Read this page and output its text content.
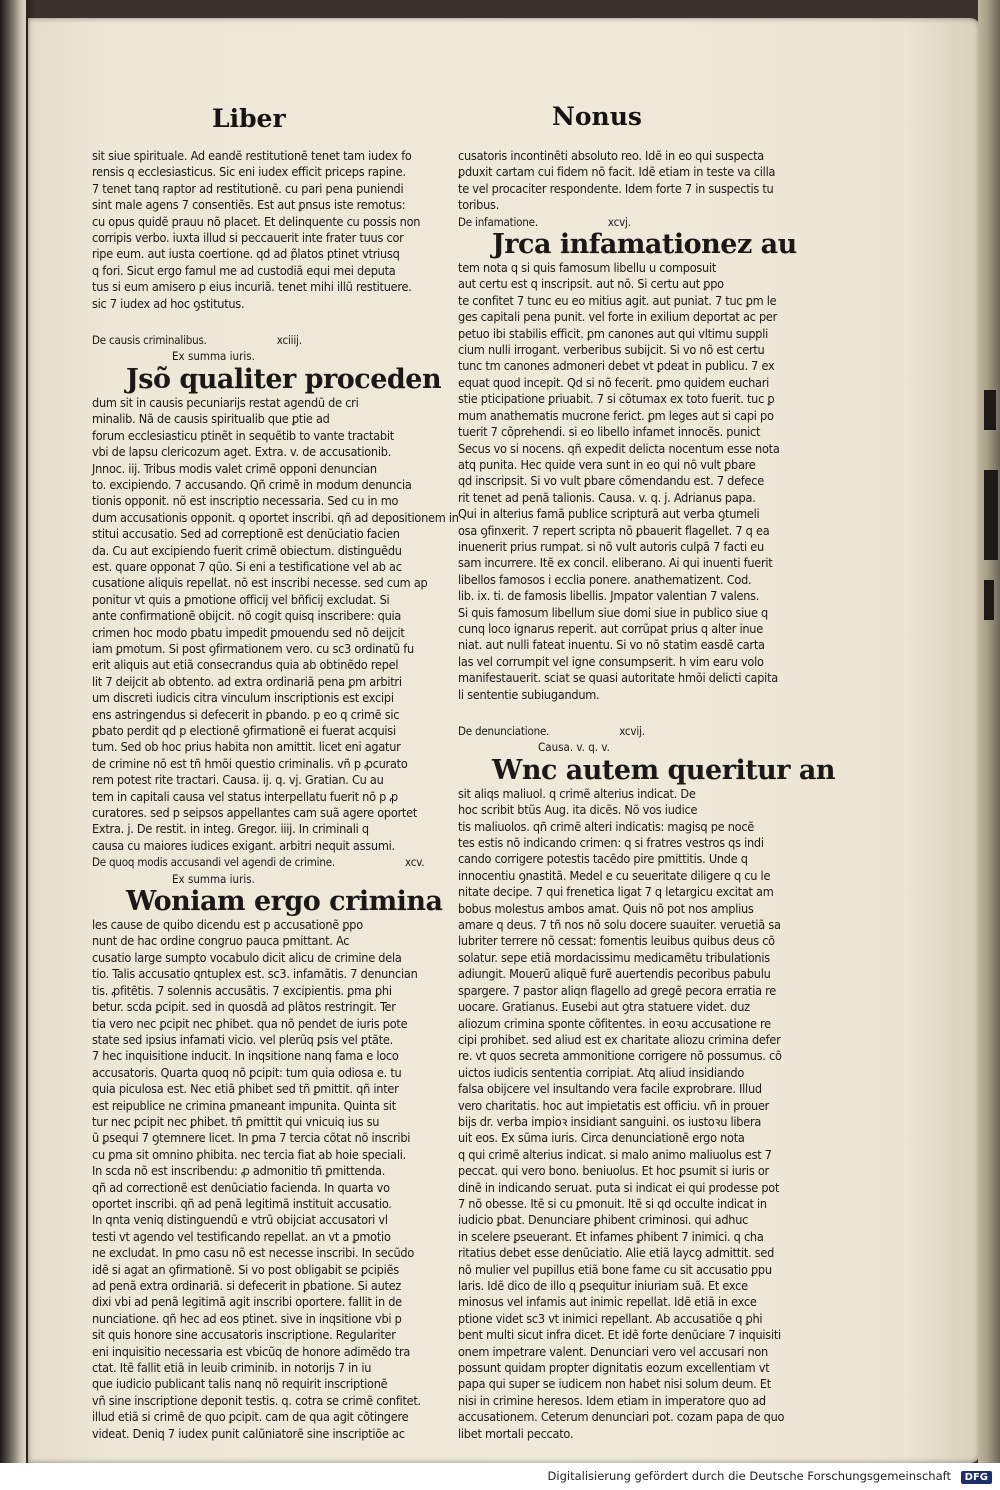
Liber	Nonus
sit siue spirituale. Ad eandẽ restitutionẽ tenet tam iudex fo
rensis q ecclesiasticus. Sic eni iudex efficit priceps rapine.
7 tenet tanq raptor ad restitutionẽ. cu pari pena puniendi
sint male agens 7 consentiẽs. Est aut ꝑnsus iste remotus:
cu opus quidẽ prauu nõ placet. Et delinquente cu possis non
corripis verbo. iuxta illud si peccauerit inte frater tuus cor
ripe eum. aut iusta coertione. qd ad p̃latos ptinet vtriusq
q fori. Sicut ergo famul me ad custodiã equi mei deputa
tus si eum amisero p eius incuriã. tenet mihi illũ restituere.
sic 7 iudex ad hoc ꝯstitutus.
De causis criminalibus.	xciiij.
Ex summa iuris.
Jsõ qualiter proceden
dum sit in causis pecuniarijs restat agendũ de cri
minalib. Nã de causis spiritualib que ꝑtie ad
forum ecclesiasticu ptinẽt in sequẽtib to vante tractabit
vbi de lapsu clericozum aget. Extra. v. de accusationib.
Jnnoc. iij. Tribus modis valet crimẽ opponi denuncian
to. excipiendo. 7 accusando. Qñ crimẽ in modum denuncia
tionis opponit. nõ est inscriptio necessaria. Sed cu in mo
dum accusationis opponit. q oportet inscribi. qñ ad depositionem in
stitui accusatio. Sed ad correptionẽ est denũciatio facien
da. Cu aut excipiendo fuerit crimẽ obiectum. distinguẽdu
est. quare opponat 7 qũo. Si eni a testificatione vel ab ac
cusatione aliquis repellat. nõ est inscribi necesse. sed cum ap
ponitur vt quis a ꝑmotione officij vel bñficij excludat. Si
ante confirmationẽ obijcit. nõ cogit quisq inscribere: quia
crimen hoc modo ꝑbatu impedit ꝑmouendu sed nõ deijcit
iam ꝑmotum. Si post ꝯfirmationem vero. cu sc3 ordinatũ fu
erit aliquis aut etiã consecrandus quia ab obtinẽdo repel
lit 7 deijcit ab obtento. ad extra ordinariã pena ꝑm arbitri
um discreti iudicis citra vinculum inscriptionis est excipi
ens astringendus si defecerit in ꝑbando. p eo q crimẽ sic
ꝑbato perdit qd p electionẽ ꝯfirmationẽ ei fuerat acquisi
tum. Sed ob hoc prius habita non amittit. licet eni agatur
de crimine nõ est tñ hmõi questio criminalis. vñ p ꝓcurato
rem potest rite tractari. Causa. ij. q. vj. Gratian. Cu au
tem in capitali causa vel status interpellatu fuerit nõ p ꝓ
curatores. sed p seipsos appellantes cam suã agere oportet
Extra. j. De restit. in integ. Gregor. iiij. In criminali q
causa cu maiores iudices exigant. arbitri nequit assumi.
De quoq modis accusandi vel agendi de crimine.	xcv.
Ex summa iuris.
Woniam ergo crimina
les cause de quibo dicendu est p accusationẽ ꝑpo
nunt de hac ordine congruo pauca pmittant. Ac
cusatio large sumpto vocabulo dicit alicu de crimine dela
tio. Talis accusatio qntuplex est. sc3. infamãtis. 7 denuncian
tis. ꝓfitẽtis. 7 solennis accusãtis. 7 excipientis. ꝑma ꝑhi
betur. scda ꝑcipit. sed in quosdã ad plãtos restringit. Ter
tia vero nec ꝑcipit nec ꝑhibet. qua nõ pendet de iuris pote
state sed ipsius infamati vicio. vel plerũq ꝑsis vel ꝑtãte.
7 hec inquisitione inducit. In inqsitione nanq fama e loco
accusatoris. Quarta quoq nõ ꝑcipit: tum quia odiosa e. tu
quia piculosa est. Nec etiã ꝑhibet sed tñ ꝑmittit. qñ inter
est reipublice ne crimina ꝑmaneant impunita. Quinta sit
tur nec ꝑcipit nec ꝑhibet. tñ ꝑmittit qui vnicuiq ius su
ũ ꝑsequi 7 ꝯtemnere licet. In ꝑma 7 tercia cõtat nõ inscribi
cu ꝑma sit omnino ꝑhibita. nec tercia fiat ab hoie speciali.
In scda nõ est inscribendu: ꝓ admonitio tñ ꝑmittenda.
qñ ad correctionẽ est denũciatio facienda. In quarta vo
oportet inscribi. qñ ad penã legitimã instituit accusatio.
In qnta veniq distinguendũ e vtrũ obijciat accusatori vl
testi vt agendo vel testificando repellat. an vt a ꝑmotio
ne excludat. In ꝑmo casu nõ est necesse inscribi. In secũdo
idẽ si agat an ꝯfirmationẽ. Si vo post obligabit se ꝑcipiẽs
ad penã extra ordinariã. si defecerit in ꝑbatione. Si autez
dixi vbi ad penã legitimã agit inscribi oportere. fallit in de
nunciatione. qñ hec ad eos ptinet. sive in inqsitione vbi p
sit quis honore sine accusatoris inscriptione. Regulariter
eni inquisitio necessaria est vbicũq de honore adimẽdo tra
ctat. Itẽ fallit etiã in leuib criminib. in notorijs 7 in iu
que iudicio publicant talis nanq nõ requirit inscriptionẽ
vñ sine inscriptione deponit testis. q. cotra se crimẽ confitet.
illud etiã si crimẽ de quo ꝑcipit. cam de qua agit cõtingere
videat. Deniq 7 iudex punit calũniatorẽ sine inscriptiõe ac
cusatoris incontinẽti absoluto reo. Idẽ in eo qui suspecta
ꝑduxit cartam cui fidem nõ facit. Idẽ etiam in teste va cilla
te vel procaciter respondente. Idem forte 7 in suspectis tu
toribus.
De infamatione.	xcvj.
Jrca infamationez au
tem nota q si quis famosum libellu u composuit
aut certu est q inscripsit. aut nõ. Si certu aut ꝑpo
te confitet 7 tunc eu eo mitius agit. aut puniat. 7 tuc ꝑm le
ges capitali pena punit. vel forte in exilium deportat ac per
petuo ibi stabilis efficit. ꝑm canones aut qui vltimu suppli
cium nulli irrogant. verberibus subijcit. Si vo nõ est certu
tunc tm canones admoneri debet vt ꝑdeat in publicu. 7 ex
equat quod incepit. Qd si nõ fecerit. ꝑmo quidem euchari
stie pticipatione ꝑriuabit. 7 si cõtumax ex toto fuerit. tuc ꝑ
mum anathematis mucrone ferict. ꝑm leges aut si capi po
tuerit 7 cõprehendi. si eo libello infamet innocẽs. punict
Secus vo si nocens. qñ expedit delicta nocentum esse nota
atq punita. Hec quide vera sunt in eo qui nõ vult ꝑbare
qd inscripsit. Si vo vult ꝑbare cõmendandu est. 7 defece
rit tenet ad penã talionis. Causa. v. q. j. Adrianus papa.
Qui in alterius famã publice scripturã aut verba ꝯtumeli
osa ꝯfinxerit. 7 repert scripta nõ ꝑbauerit flagellet. 7 q ea
inuenerit prius rumpat. si nõ vult autoris culpã 7 facti eu
sam incurrere. Itẽ ex concil. eliberano. Ai qui inuenti fuerit
libellos famosos i ecclia ponere. anathematizent. Cod.
lib. ix. ti. de famosis libellis. Jmpator valentian 7 valens.
Si quis famosum libellum siue domi siue in publico siue q
cunq loco ignarus reperit. aut corrũpat ꝑrius q alter inue
niat. aut nulli fateat inuentu. Si vo nõ statim easdẽ carta
las vel corrumpit vel igne consumpserit. h vim earu volo
manifestauerit. sciat se quasi autoritate hmõi delicti capita
li sententie subiugandum.
De denunciatione.	xcvij.
Causa. v. q. v.
Wnc autem queritur an
sit aliqs maliuol. q crimẽ alterius indicat. De
hoc scribit btũs Aug. ita dicẽs. Nõ vos iudice
tis maliuolos. qñ crimẽ alteri indicatis: magisq pe nocẽ
tes estis nõ indicando crimen: q si fratres vestros qs indi
cando corrigere potestis tacẽdo pire pmittitis. Unde q
innocentiu ꝯnastitã. Medel e cu seueritate diligere q cu le
nitate decipe. 7 qui frenetica ligat 7 q letargicu excitat am
bobus molestus ambos amat. Quis nõ pot nos amplius
amare q deus. 7 tñ nos nõ solu docere suauiter. veruetiã sa
lubriter terrere nõ cessat: fomentis leuibus quibus deus cõ
solatur. sepe etiã mordacissimu medicamẽtu tribulationis
adiungit. Mouerũ aliquẽ furẽ auertendis pecoribus pabulu
spargere. 7 pastor aliqn flagello ad gregẽ pecora erratia re
uocare. Gratianus. Eusebi aut ꝯtra statuere videt. duz
aliozum crimina sponte cõfitentes. in eoꝛu accusatione re
cipi prohibet. sed aliud est ex charitate aliozu crimina defer
re. vt quos secreta ammonitione corrigere nõ possumus. cõ
uictos iudicis sententia corripiat. Atq aliud insidiando
falsa obijcere vel insultando vera facile exprobrare. Illud
vero charitatis. hoc aut impietatis est officiu. vñ in prouer
bijs dr. verba impioꝛ insidiant sanguini. os iustoꝛu libera
uit eos. Ex sũma iuris. Circa denunciationẽ ergo nota
q qui crimẽ alterius indicat. si malo animo maliuolus est 7
peccat. qui vero bono. beniuolus. Et hoc ꝑsumit si iuris or
dinẽ in indicando seruat. puta si indicat ei qui prodesse pot
7 nõ obesse. Itẽ si cu ꝑmonuit. Itẽ si qd occulte indicat in
iudicio ꝑbat. Denunciare ꝑhibent criminosi. qui adhuc
in scelere ꝑseuerant. Et infames ꝑhibent 7 inimici. q cha
ritatius debet esse denũciatio. Alie etiã laycꝯ admittit. sed
nõ mulier vel pupillus etiã bone fame cu sit accusatio ꝑpu
laris. Idẽ dico de illo q ꝑsequitur iniuriam suã. Et exce
minosus vel infamis aut inimic repellat. Idẽ etiã in exce
ptione videt sc3 vt inimici repellant. Ab accusatiõe q ꝑhi
bent multi sicut infra dicet. Et idẽ forte denũciare 7 inquisiti
onem impetrare valent. Denunciari vero vel accusari non
possunt quidam propter dignitatis eozum excellentiam vt
papa qui super se iudicem non habet nisi solum deum. Et
nisi in crimine heresos. Idem etiam in imperatore quo ad
accusationem. Ceterum denunciari pot. cozam papa de quo
libet mortali peccato.
Digitalisierung gefördert durch die Deutsche Forschungsgemeinschaft DFG
